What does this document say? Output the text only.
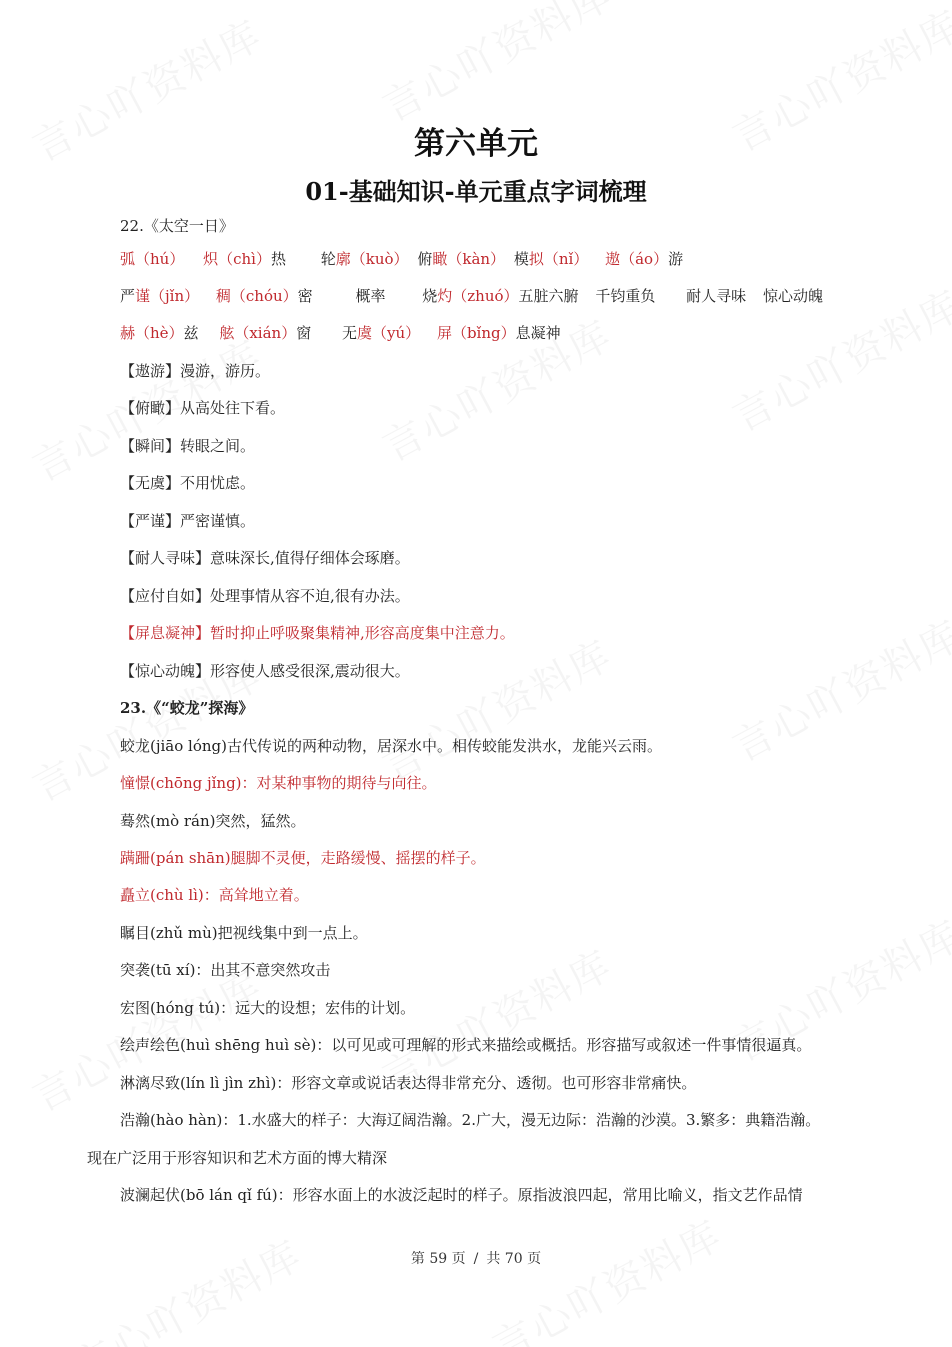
第六单元
01-基础知识-单元重点字词梳理
22.《太空一日》
弧（hú） 炽（chì）热 轮廓（kuò） 俯瞰（kàn） 模拟（nǐ） 遨（áo）游
严谨（jǐn） 稠（chóu）密	概率 烧灼（zhuó）五脏六腑 千钧重负 耐人寻味 惊心动魄
赫（hè）兹 舷（xián）窗 无虞（yú） 屏（bǐng）息凝神
【遨游】漫游，游历。
【俯瞰】从高处往下看。
【瞬间】转眼之间。
【无虞】不用忧虑。
【严谨】严密谨慎。
【耐人寻味】意味深长,值得仔细体会琢磨。
【应付自如】处理事情从容不迫,很有办法。
【屏息凝神】暂时抑止呼吸聚集精神,形容高度集中注意力。
【惊心动魄】形容使人感受很深,震动很大。
23.《“蛟龙”探海》
蛟龙(jiāo lóng)古代传说的两种动物，居深水中。相传蛟能发洪水，龙能兴云雨。
憧憬(chōng jǐng)：对某种事物的期待与向往。
蓦然(mò rán)突然，猛然。
蹒跚(pán shān)腿脚不灵便，走路缓慢、摇摆的样子。
矗立(chù lì)：高耸地立着。
瞩目(zhǔ mù)把视线集中到一点上。
突袭(tū xí)：出其不意突然攻击
宏图(hóng tú)：远大的设想；宏伟的计划。
绘声绘色(huì shēng huì sè)：以可见或可理解的形式来描绘或概括。形容描写或叙述一件事情很逼真。
淋漓尽致(lín lì jìn zhì)：形容文章或说话表达得非常充分、透彻。也可形容非常痛快。
浩瀚(hào hàn)：1.水盛大的样子：大海辽阔浩瀚。2.广大，漫无边际：浩瀚的沙漠。3.繁多：典籍浩瀚。
现在广泛用于形容知识和艺术方面的博大精深
波澜起伏(bō lán qǐ fú)：形容水面上的水波泛起时的样子。原指波浪四起，常用比喻义，指文艺作品情
第 59 页 / 共 70 页
